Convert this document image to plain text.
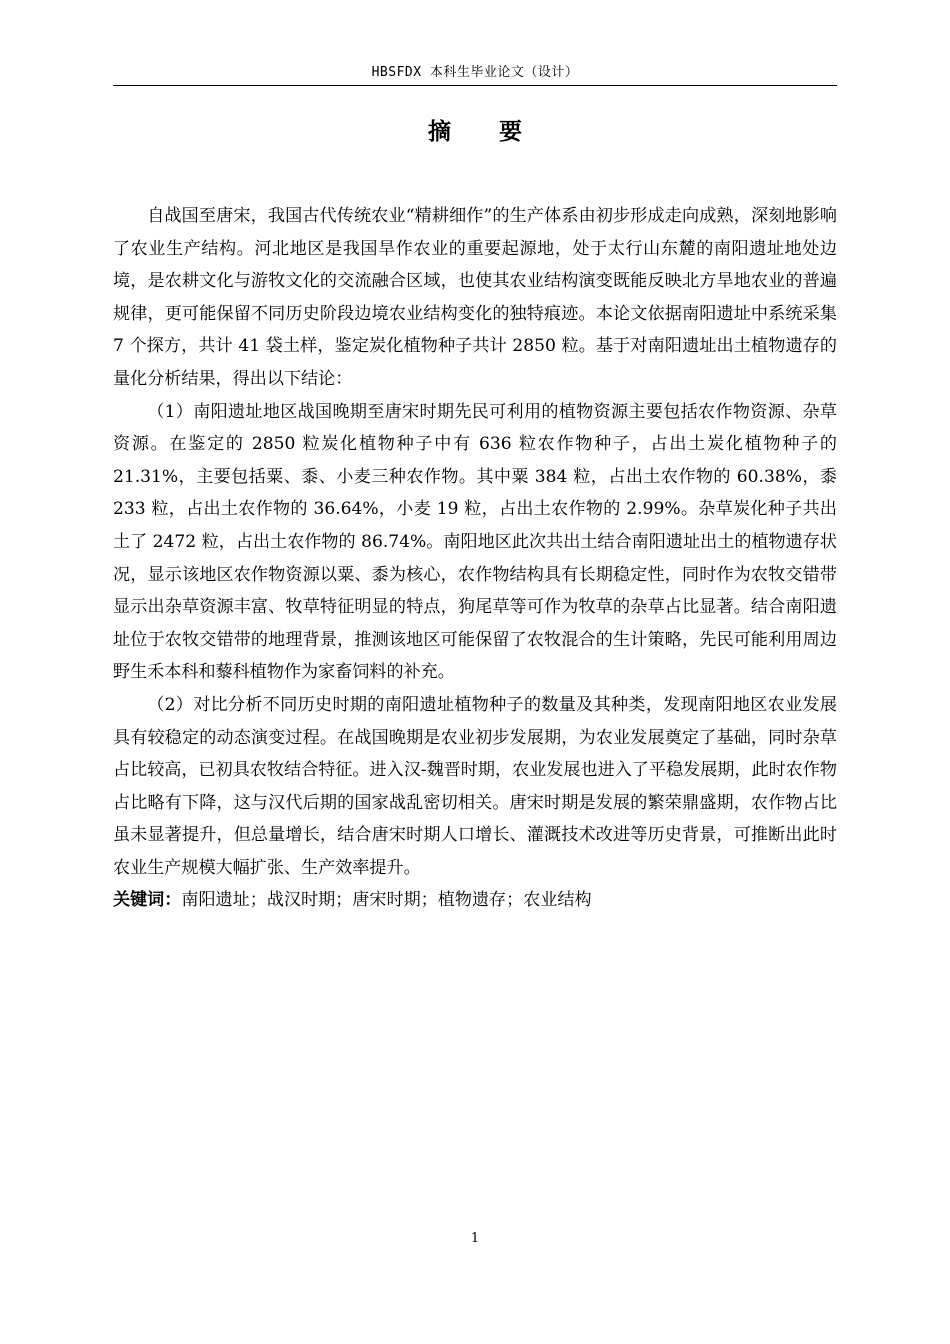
HBSFDX 本科生毕业论文（设计）
摘 要

自战国至唐宋，我国古代传统农业“精耕细作”的生产体系由初步形成走向成熟，深刻地影响了农业生产结构。河北地区是我国旱作农业的重要起源地，处于太行山东麓的南阳遗址地处边境，是农耕文化与游牧文化的交流融合区域，也使其农业结构演变既能反映北方旱地农业的普遍规律，更可能保留不同历史阶段边境农业结构变化的独特痕迹。本论文依据南阳遗址中系统采集 7 个探方，共计 41 袋土样，鉴定炭化植物种子共计 2850 粒。基于对南阳遗址出土植物遗存的量化分析结果，得出以下结论：

（1）南阳遗址地区战国晚期至唐宋时期先民可利用的植物资源主要包括农作物资源、杂草资源。在鉴定的 2850 粒炭化植物种子中有 636 粒农作物种子，占出土炭化植物种子的 21.31%，主要包括粟、黍、小麦三种农作物。其中粟 384 粒，占出土农作物的 60.38%，黍 233 粒，占出土农作物的 36.64%，小麦 19 粒，占出土农作物的 2.99%。杂草炭化种子共出土了 2472 粒，占出土农作物的 86.74%。南阳地区此次共出土结合南阳遗址出土的植物遗存状况，显示该地区农作物资源以粟、黍为核心，农作物结构具有长期稳定性，同时作为农牧交错带显示出杂草资源丰富、牧草特征明显的特点，狗尾草等可作为牧草的杂草占比显著。结合南阳遗址位于农牧交错带的地理背景，推测该地区可能保留了农牧混合的生计策略，先民可能利用周边野生禾本科和藜科植物作为家畜饲料的补充。

（2）对比分析不同历史时期的南阳遗址植物种子的数量及其种类，发现南阳地区农业发展具有较稳定的动态演变过程。在战国晚期是农业初步发展期，为农业发展奠定了基础，同时杂草占比较高，已初具农牧结合特征。进入汉-魏晋时期，农业发展也进入了平稳发展期，此时农作物占比略有下降，这与汉代后期的国家战乱密切相关。唐宋时期是发展的繁荣鼎盛期，农作物占比虽未显著提升，但总量增长，结合唐宋时期人口增长、灌溉技术改进等历史背景，可推断出此时农业生产规模大幅扩张、生产效率提升。

关键词：南阳遗址；战汉时期；唐宋时期；植物遗存；农业结构

1
